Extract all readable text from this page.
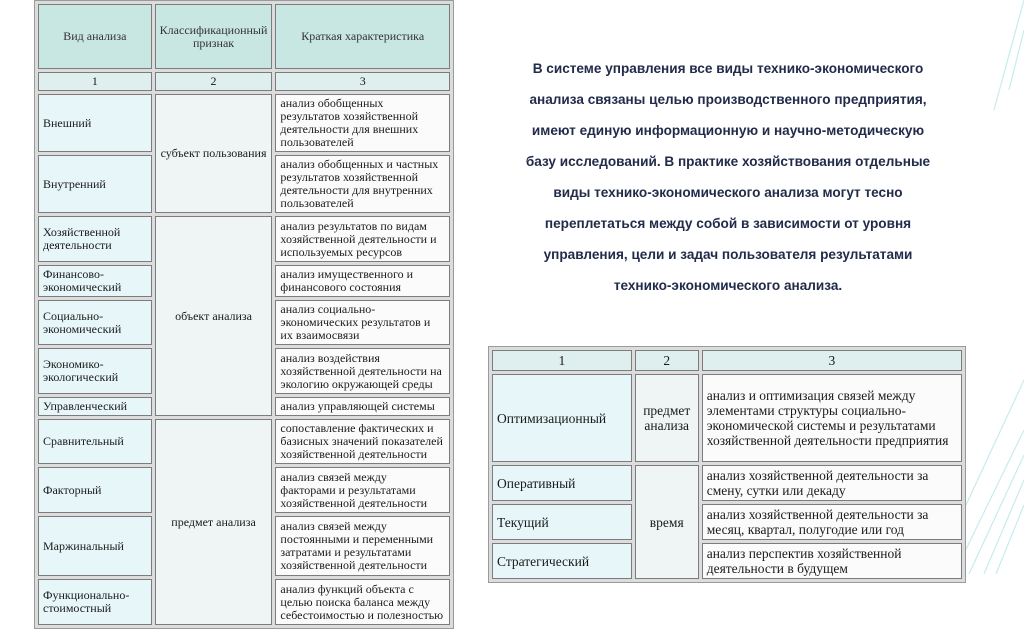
Вид анализа	Классификационный признак	Краткая характеристика
1	2	3
Внешний	субъект пользования	анализ обобщенных результатов хозяйственной деятельности для внешних пользователей
Внутренний		анализ обобщенных и частных результатов хозяйственной деятельности для внутренних пользователей
Хозяйственной деятельности	объект анализа	анализ результатов по видам хозяйственной деятельности и используемых ресурсов
Финансово-экономический		анализ имущественного и финансового состояния
Социально-экономический		анализ социально-экономических результатов и их взаимосвязи
Экономико-экологический		анализ воздействия хозяйственной деятельности на экологию окружающей среды
Управленческий		анализ управляющей системы
Сравнительный	предмет анализа	сопоставление фактических и базисных значений показателей хозяйственной деятельности
Факторный		анализ связей между факторами и результатами хозяйственной деятельности
Маржинальный		анализ связей между постоянными и переменными затратами и результатами хозяйственной деятельности
Функционально-стоимостный		анализ функций объекта с целью поиска баланса между себестоимостью и полезностью
В системе управления все виды технико-экономического
анализа связаны целью производственного предприятия,
имеют единую информационную и научно-методическую
базу исследований. В практике хозяйствования отдельные
виды технико-экономического анализа могут тесно
переплетаться между собой в зависимости от уровня
управления, цели и задач пользователя результатами
технико-экономического анализа.
1	2	3
Оптимизационный	предмет анализа	анализ и оптимизация связей между элементами структуры социально-экономической системы и результатами хозяйственной деятельности предприятия
Оперативный	время	анализ хозяйственной деятельности за смену, сутки или декаду
Текущий		анализ хозяйственной деятельности за месяц, квартал, полугодие или год
Стратегический		анализ перспектив хозяйственной деятельности в будущем
